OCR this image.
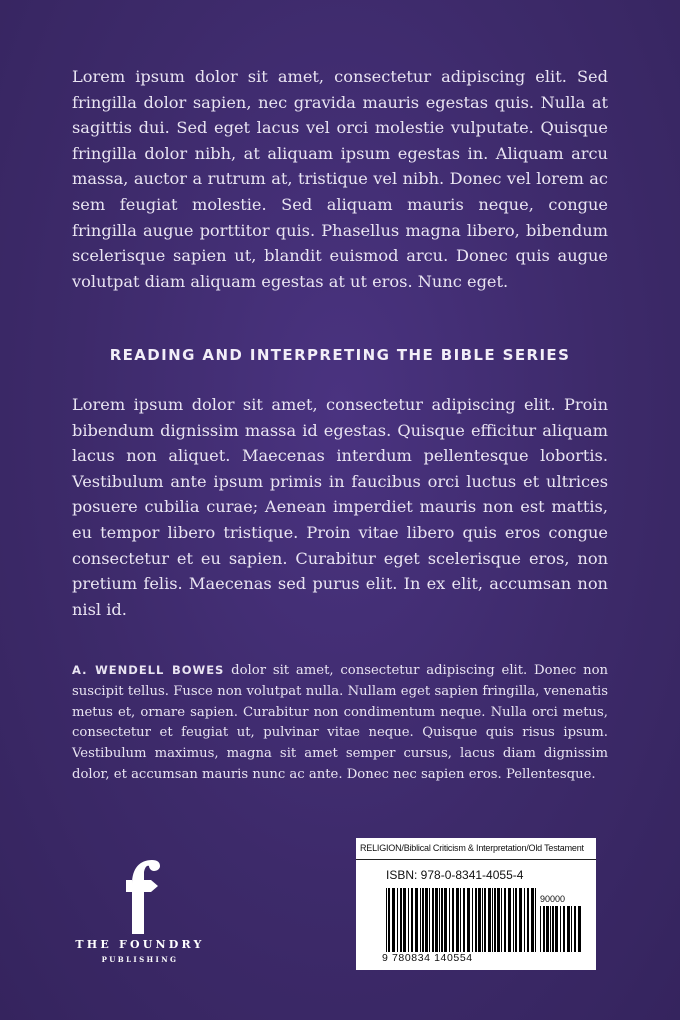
Lorem ipsum dolor sit amet, consectetur adipiscing elit. Sed fringilla dolor sapien, nec gravida mauris egestas quis. Nulla at sagittis dui. Sed eget lacus vel orci molestie vulputate. Quisque fringilla dolor nibh, at aliquam ipsum egestas in. Aliquam arcu massa, auctor a rutrum at, tristique vel nibh. Donec vel lorem ac sem feugiat molestie. Sed aliquam mauris neque, congue fringilla augue porttitor quis. Phasellus magna libero, bibendum scelerisque sapien ut, blandit euismod arcu. Donec quis augue volutpat diam aliquam egestas at ut eros. Nunc eget.

READING AND INTERPRETING THE BIBLE SERIES

Lorem ipsum dolor sit amet, consectetur adipiscing elit. Proin bibendum dignissim massa id egestas. Quisque efficitur aliquam lacus non aliquet. Maecenas interdum pellentesque lobortis. Vestibulum ante ipsum primis in faucibus orci luctus et ultrices posuere cubilia curae; Aenean imperdiet mauris non est mattis, eu tempor libero tristique. Proin vitae libero quis eros congue consectetur et eu sapien. Curabitur eget scelerisque eros, non pretium felis. Maecenas sed purus elit. In ex elit, accumsan non nisl id.

A. WENDELL BOWES dolor sit amet, consectetur adipiscing elit. Donec non suscipit tellus. Fusce non volutpat nulla. Nullam eget sapien fringilla, venenatis metus et, ornare sapien. Curabitur non condimentum neque. Nulla orci metus, consectetur et feugiat ut, pulvinar vitae neque. Quisque quis risus ipsum. Vestibulum maximus, magna sit amet semper cursus, lacus diam dignissim dolor, et accumsan mauris nunc ac ante. Donec nec sapien eros. Pellentesque.

THE FOUNDRY
PUBLISHING
RELIGION/Biblical Criticism & Interpretation/Old Testament
ISBN: 978-0-8341-4055-4
90000
9 780834 140554
